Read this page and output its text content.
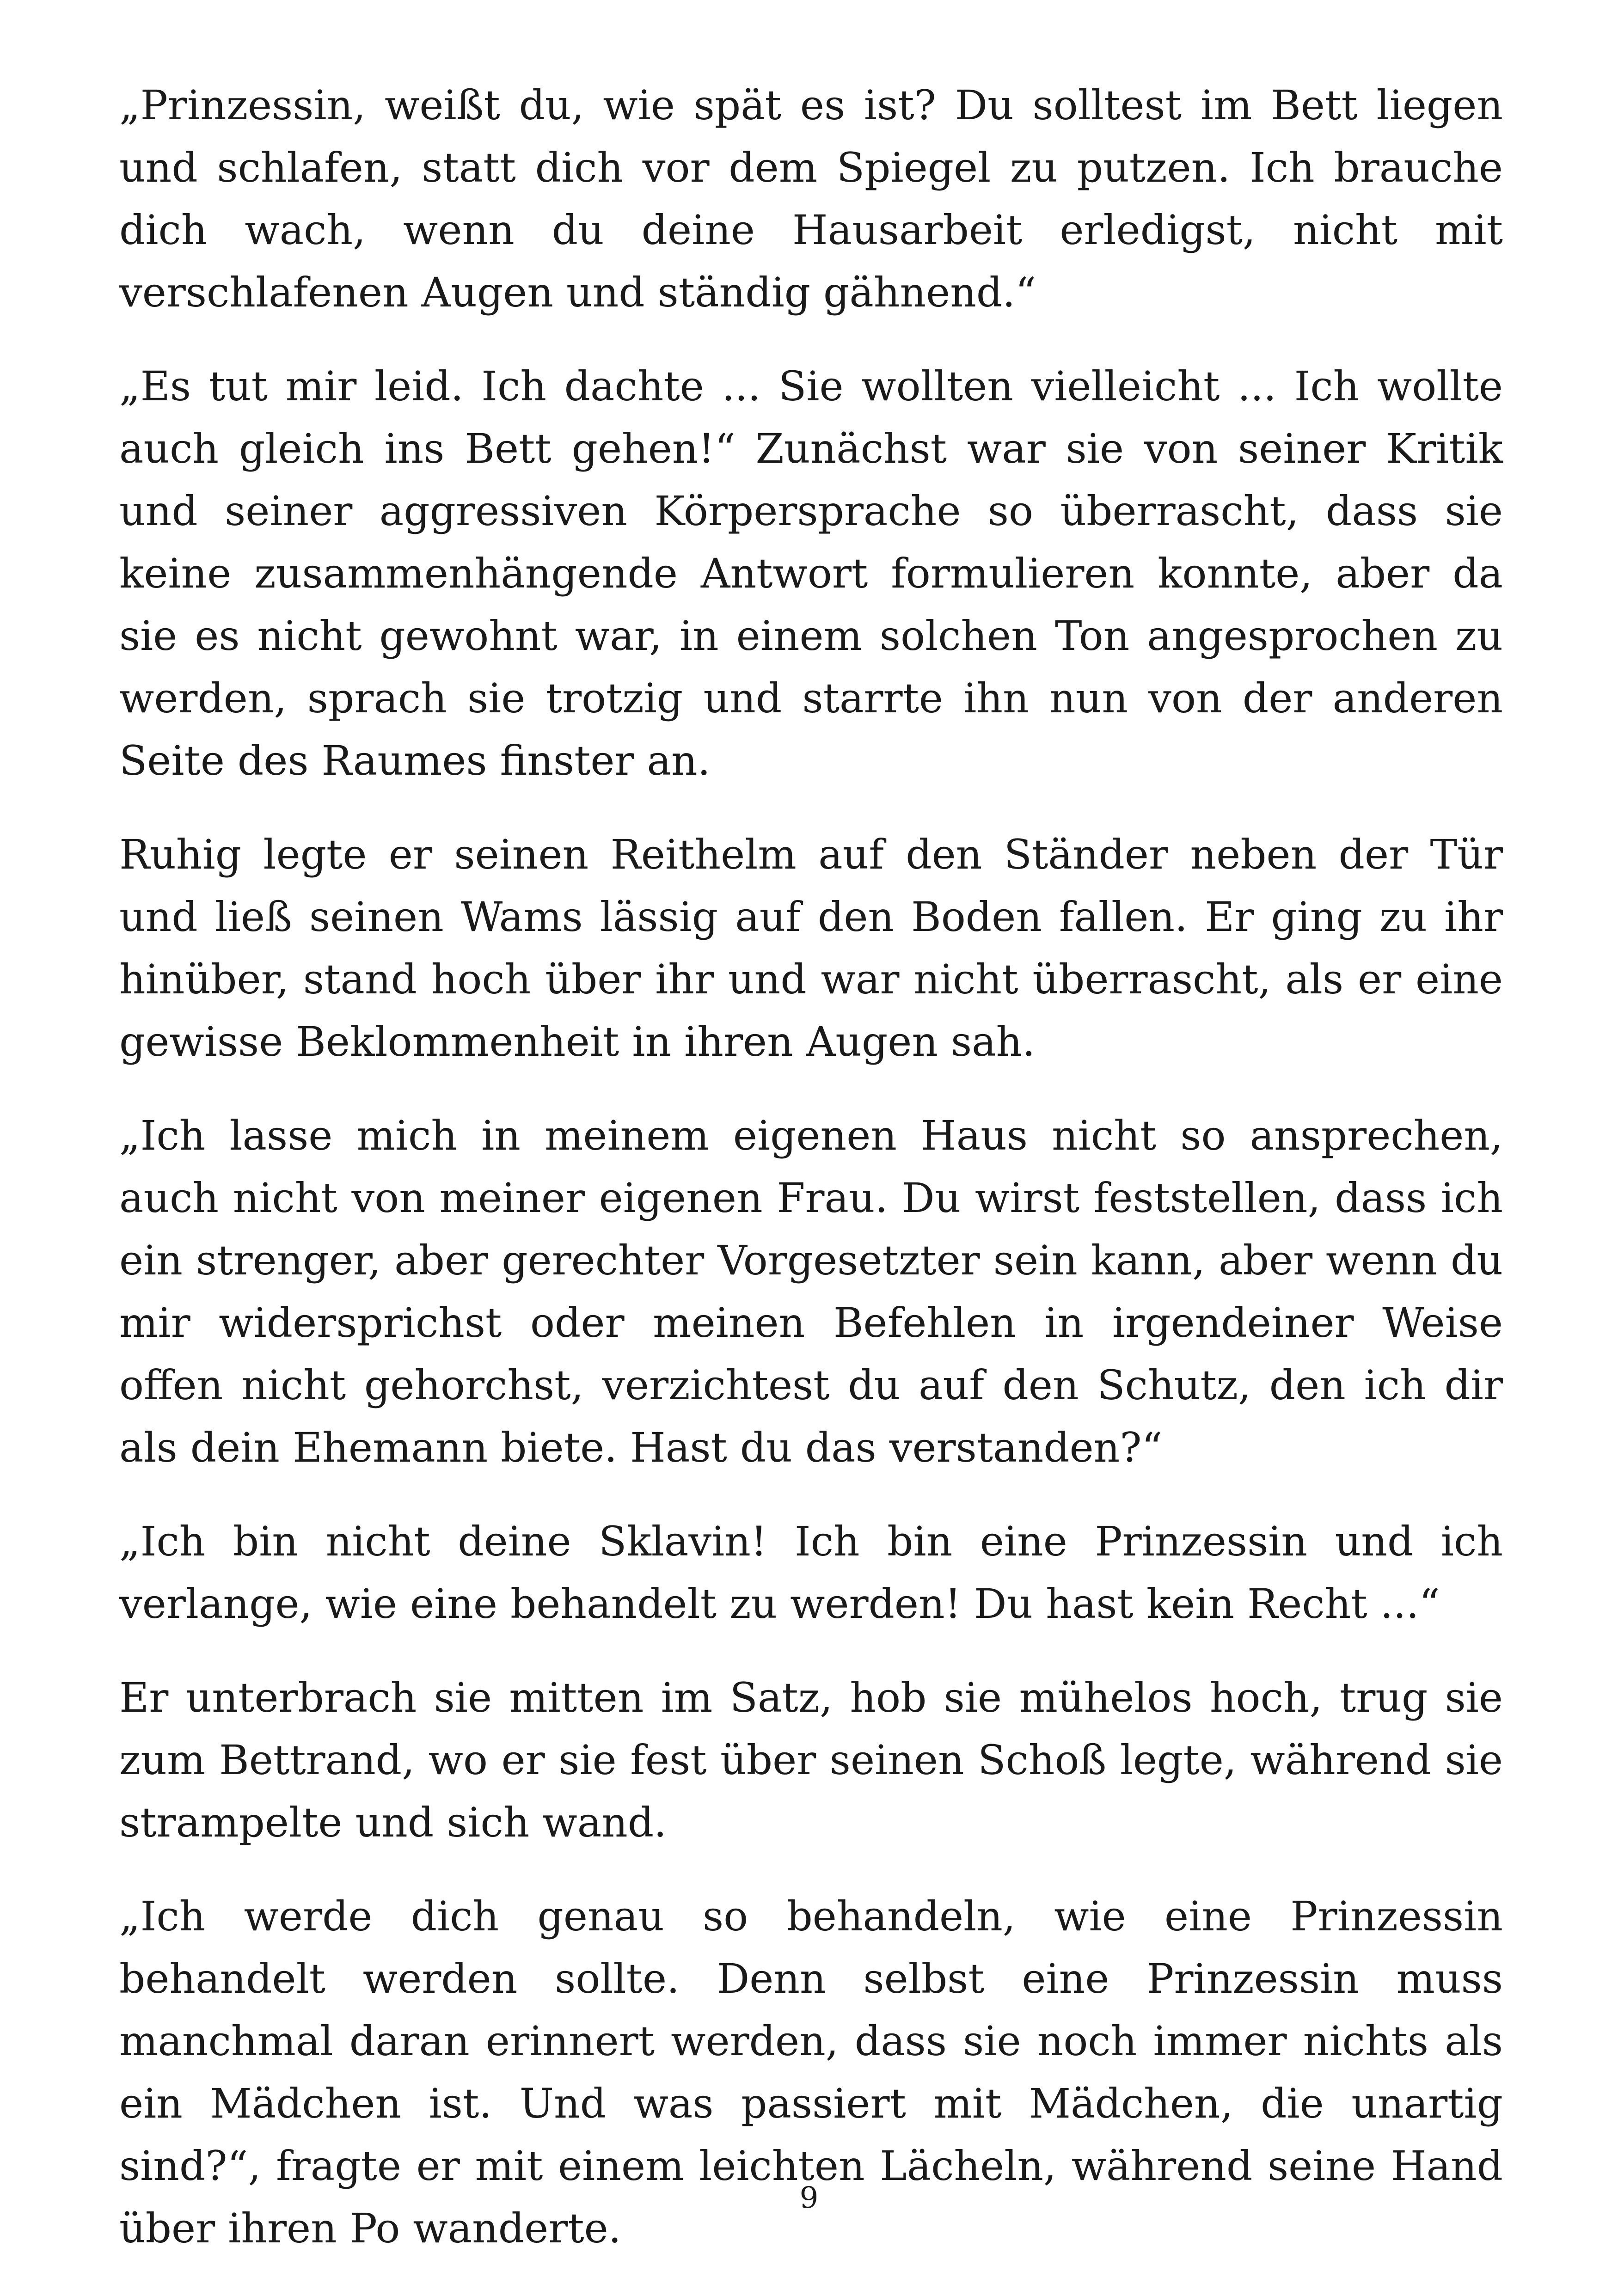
„Prinzessin, weißt du, wie spät es ist? Du solltest im Bett liegen und schlafen, statt dich vor dem Spiegel zu putzen. Ich brauche dich wach, wenn du deine Hausarbeit erledigst, nicht mit verschlafenen Augen und ständig gähnend.“

„Es tut mir leid. Ich dachte ... Sie wollten vielleicht ... Ich wollte auch gleich ins Bett gehen!“ Zunächst war sie von seiner Kritik und seiner aggressiven Körpersprache so überrascht, dass sie keine zusammenhängende Antwort formulieren konnte, aber da sie es nicht gewohnt war, in einem solchen Ton angesprochen zu werden, sprach sie trotzig und starrte ihn nun von der anderen Seite des Raumes finster an.

Ruhig legte er seinen Reithelm auf den Ständer neben der Tür und ließ seinen Wams lässig auf den Boden fallen. Er ging zu ihr hinüber, stand hoch über ihr und war nicht überrascht, als er eine gewisse Beklommenheit in ihren Augen sah.

„Ich lasse mich in meinem eigenen Haus nicht so ansprechen, auch nicht von meiner eigenen Frau. Du wirst feststellen, dass ich ein strenger, aber gerechter Vorgesetzter sein kann, aber wenn du mir widersprichst oder meinen Befehlen in irgendeiner Weise offen nicht gehorchst, verzichtest du auf den Schutz, den ich dir als dein Ehemann biete. Hast du das verstanden?“

„Ich bin nicht deine Sklavin! Ich bin eine Prinzessin und ich verlange, wie eine behandelt zu werden! Du hast kein Recht ...“

Er unterbrach sie mitten im Satz, hob sie mühelos hoch, trug sie zum Bettrand, wo er sie fest über seinen Schoß legte, während sie strampelte und sich wand.

„Ich werde dich genau so behandeln, wie eine Prinzessin behandelt werden sollte. Denn selbst eine Prinzessin muss manchmal daran erinnert werden, dass sie noch immer nichts als ein Mädchen ist. Und was passiert mit Mädchen, die unartig sind?“, fragte er mit einem leichten Lächeln, während seine Hand über ihren Po wanderte.

9
